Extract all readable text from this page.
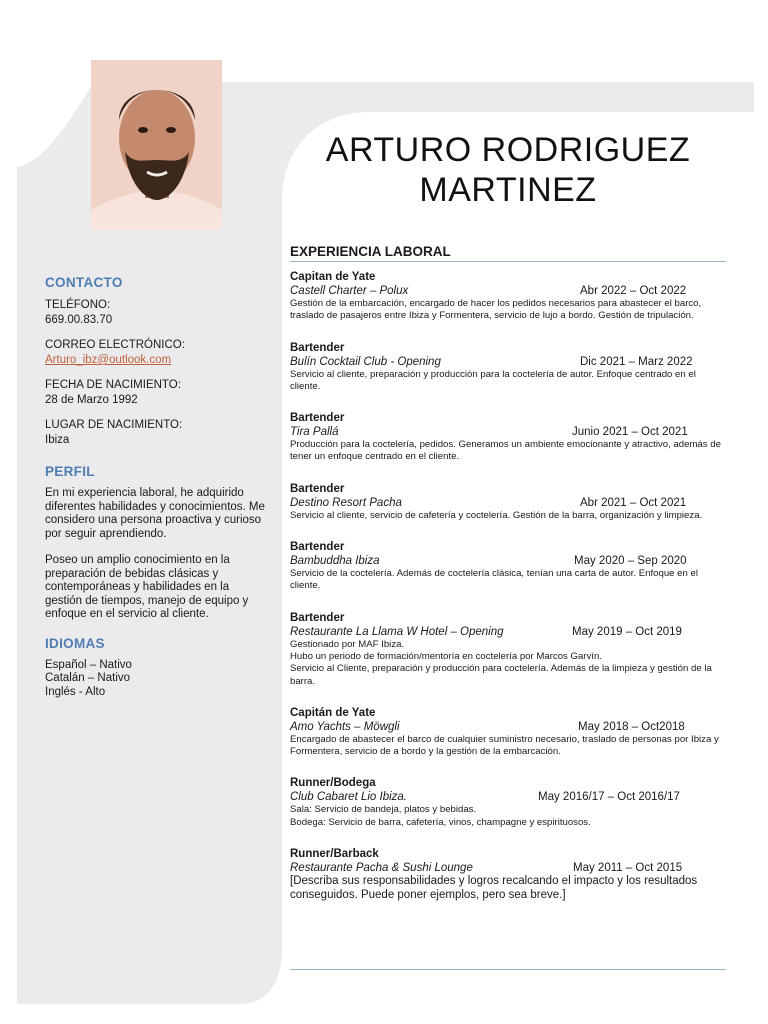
ARTURO RODRIGUEZ
MARTINEZ
CONTACTO

TELÉFONO:

669.00.83.70

CORREO ELECTRÓNICO:

Arturo_ibz@outlook.com

FECHA DE NACIMIENTO:

28 de Marzo 1992

LUGAR DE NACIMIENTO:

Ibiza

PERFIL

En mi experiencia laboral, he adquirido diferentes habilidades y conocimientos. Me considero una persona proactiva y curioso por seguir aprendiendo.

Poseo un amplio conocimiento en la preparación de bebidas clásicas y contemporáneas y habilidades en la gestión de tiempos, manejo de equipo y enfoque en el servicio al cliente.

IDIOMAS

Español – Nativo

Catalán – Nativo

Inglés - Alto

EXPERIENCIA LABORAL

Capitan de Yate

Castell Charter – Polux	Abr 2022 – Oct 2022

Gestión de la embarcación, encargado de hacer los pedidos necesarios para abastecer el barco, traslado de pasajeros entre Ibiza y Formentera, servicio de lujo a bordo. Gestión de tripulación.

Bartender

Bulín Cocktail Club - Opening	Dic 2021 – Marz 2022

Servicio al cliente, preparación y producción para la coctelería de autor. Enfoque centrado en el cliente.

Bartender

Tira Pallá	Junio 2021 – Oct 2021

Producción para la coctelería, pedidos. Generamos un ambiente emocionante y atractivo, además de tener un enfoque centrado en el cliente.

Bartender

Destino Resort Pacha	Abr 2021 – Oct 2021

Servicio al cliente, servicio de cafetería y coctelería. Gestión de la barra, organización y limpieza.

Bartender

Bambuddha Ibiza	May 2020 – Sep 2020

Servicio de la coctelería. Además de coctelería clásica, tenían una carta de autor. Enfoque en el cliente.

Bartender

Restaurante La Llama W Hotel – Opening	May 2019 – Oct 2019

Gestionado por MAF Ibiza.

Hubo un periodo de formación/mentoría en coctelería por Marcos Garvín.

Servicio al Cliente, preparación y producción para coctelería. Además de la limpieza y gestión de la barra.

Capitán de Yate

Amo Yachts – Möwgli	May 2018 – Oct2018

Encargado de abastecer el barco de cualquier suministro necesario, traslado de personas por Ibiza y Formentera, servicio de a bordo y la gestión de la embarcación.

Runner/Bodega

Club Cabaret Lio Ibiza.	May 2016/17 – Oct 2016/17

Sala: Servicio de bandeja, platos y bebidas.

Bodega: Servicio de barra, cafetería, vinos, champagne y espirituosos.

Runner/Barback

Restaurante Pacha & Sushi Lounge	May 2011 – Oct 2015

[Describa sus responsabilidades y logros recalcando el impacto y los resultados conseguidos. Puede poner ejemplos, pero sea breve.]
